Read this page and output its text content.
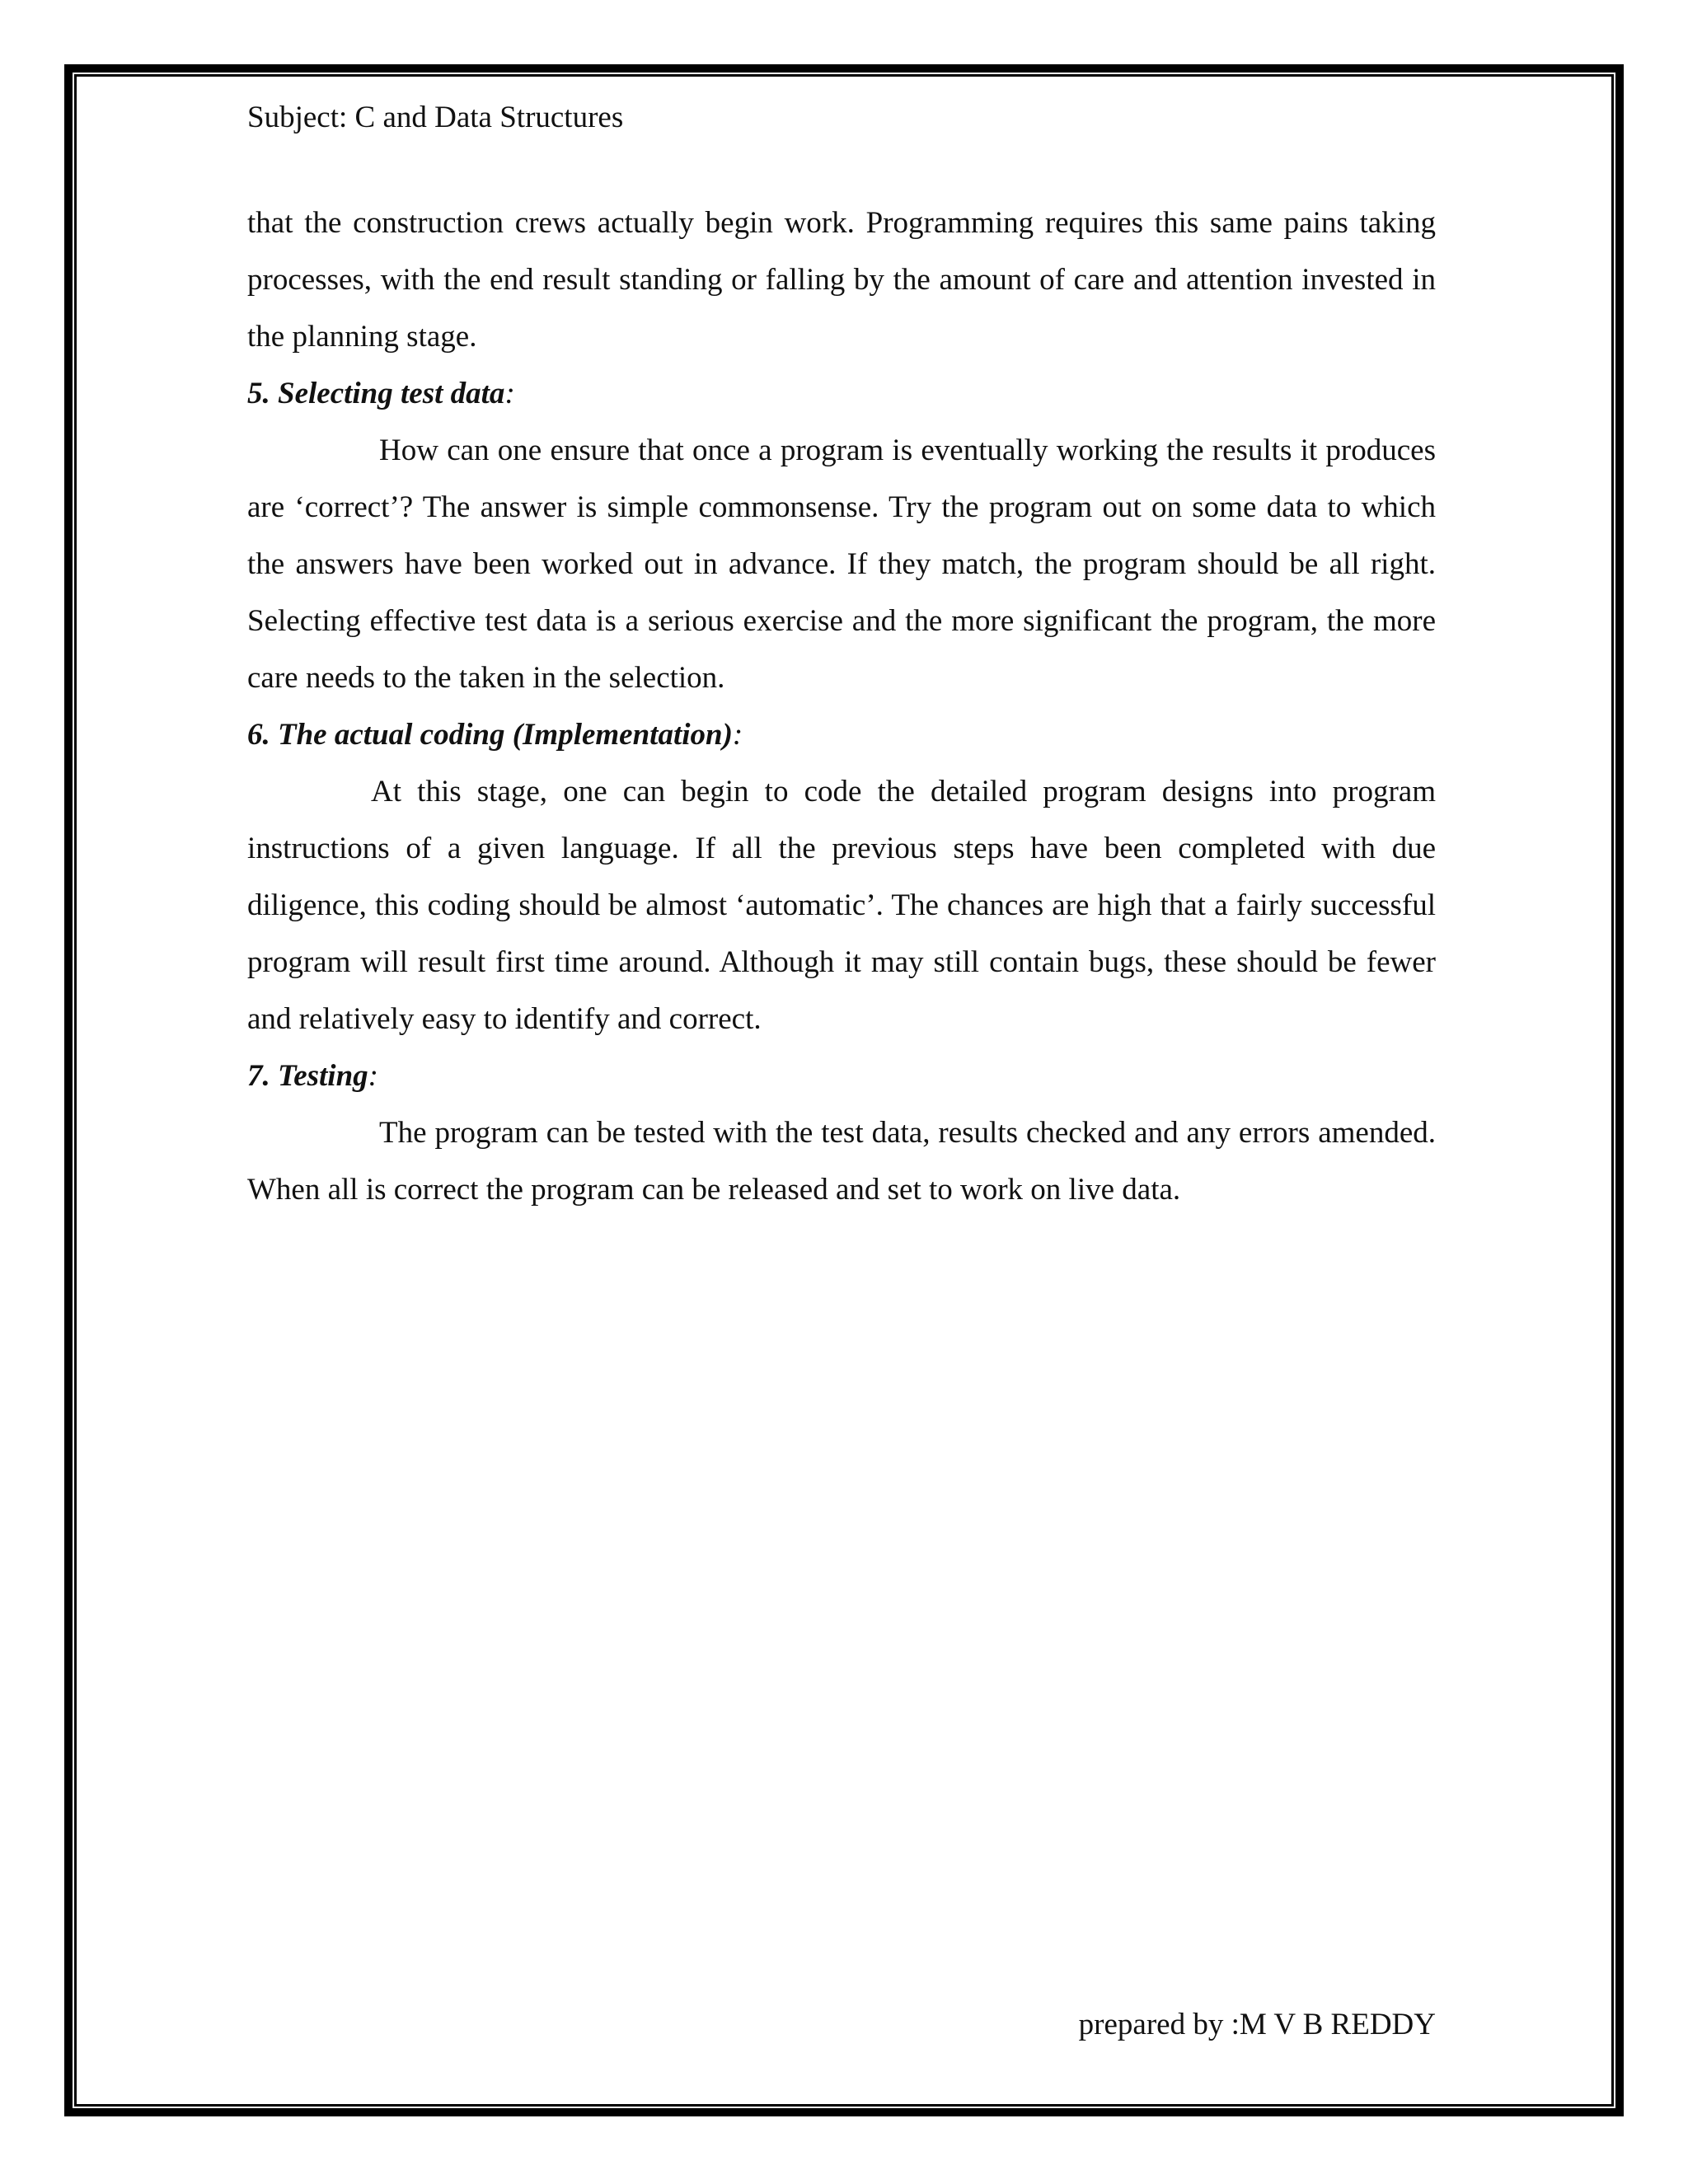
Subject: C and Data Structures

that the construction crews actually begin work. Programming requires this same pains taking processes, with the end result standing or falling by the amount of care and attention invested in the planning stage.

5. Selecting test data:

How can one ensure that once a program is eventually working the results it produces are ‘correct’? The answer is simple commonsense. Try the program out on some data to which the answers have been worked out in advance. If they match, the program should be all right. Selecting effective test data is a serious exercise and the more significant the program, the more care needs to the taken in the selection.

6. The actual coding (Implementation):

At this stage, one can begin to code the detailed program designs into program instructions of a given language. If all the previous steps have been completed with due diligence, this coding should be almost ‘automatic’. The chances are high that a fairly successful program will result first time around. Although it may still contain bugs, these should be fewer and relatively easy to identify and correct.

7. Testing:

The program can be tested with the test data, results checked and any errors amended. When all is correct the program can be released and set to work on live data.

prepared by :M V B REDDY
